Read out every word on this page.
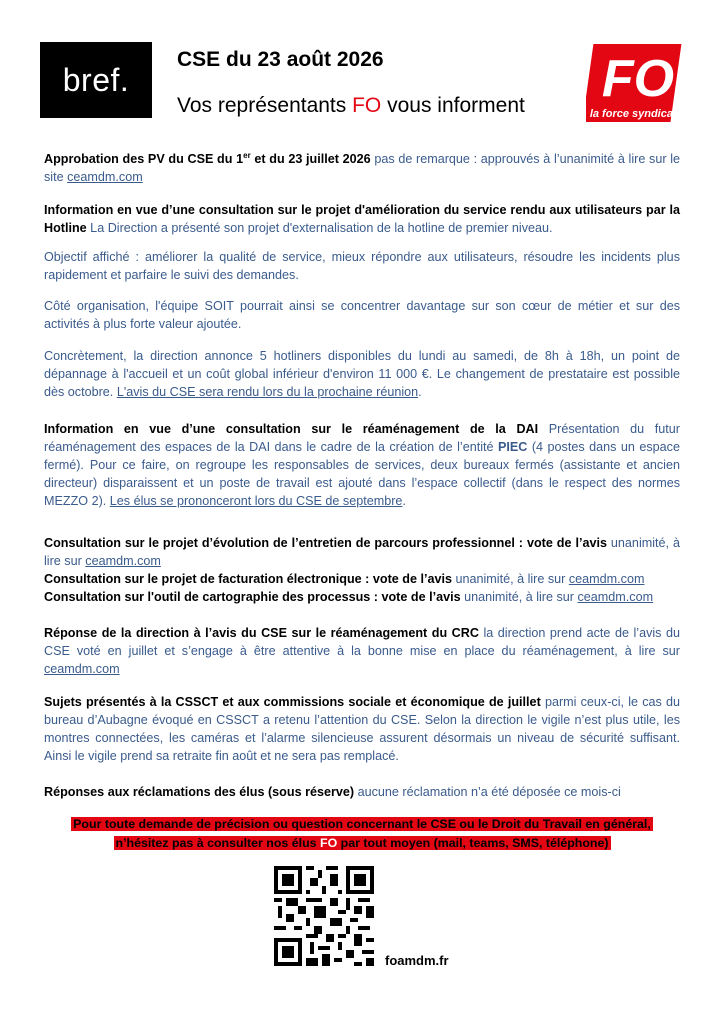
bref.
CSE du 23 août 2026
Vos représentants FO vous informent FO
la force syndicale
Approbation des PV du CSE du 1er et du 23 juillet 2026 pas de remarque : approuvés à l’unanimité à lire sur le site ceamdm.com
Information en vue d’une consultation sur le projet d'amélioration du service rendu aux utilisateurs par la Hotline La Direction a présenté son projet d'externalisation de la hotline de premier niveau.
Objectif affiché : améliorer la qualité de service, mieux répondre aux utilisateurs, résoudre les incidents plus rapidement et parfaire le suivi des demandes.
Côté organisation, l'équipe SOIT pourrait ainsi se concentrer davantage sur son cœur de métier et sur des activités à plus forte valeur ajoutée.
Concrètement, la direction annonce 5 hotliners disponibles du lundi au samedi, de 8h à 18h, un point de dépannage à l'accueil et un coût global inférieur d'environ 11 000 €. Le changement de prestataire est possible dès octobre. L'avis du CSE sera rendu lors du la prochaine réunion.
Information en vue d’une consultation sur le réaménagement de la DAI Présentation du futur réaménagement des espaces de la DAI dans le cadre de la création de l’entité PIEC (4 postes dans un espace fermé). Pour ce faire, on regroupe les responsables de services, deux bureaux fermés (assistante et ancien directeur) disparaissent et un poste de travail est ajouté dans l’espace collectif (dans le respect des normes MEZZO 2). Les élus se prononceront lors du CSE de septembre.
Consultation sur le projet d’évolution de l’entretien de parcours professionnel : vote de l’avis unanimité, à lire sur ceamdm.com
Consultation sur le projet de facturation électronique : vote de l’avis unanimité, à lire sur ceamdm.com
Consultation sur l'outil de cartographie des processus : vote de l’avis unanimité, à lire sur ceamdm.com
Réponse de la direction à l’avis du CSE sur le réaménagement du CRC la direction prend acte de l’avis du CSE voté en juillet et s’engage à être attentive à la bonne mise en place du réaménagement, à lire sur ceamdm.com
Sujets présentés à la CSSCT et aux commissions sociale et économique de juillet parmi ceux-ci, le cas du bureau d’Aubagne évoqué en CSSCT a retenu l’attention du CSE. Selon la direction le vigile n’est plus utile, les montres connectées, les caméras et l’alarme silencieuse assurent désormais un niveau de sécurité suffisant. Ainsi le vigile prend sa retraite fin août et ne sera pas remplacé.
Réponses aux réclamations des élus (sous réserve) aucune réclamation n’a été déposée ce mois-ci
Pour toute demande de précision ou question concernant le CSE ou le Droit du Travail en général,
n’hésitez pas à consulter nos élus FO par tout moyen (mail, teams, SMS, téléphone)
foamdm.fr
